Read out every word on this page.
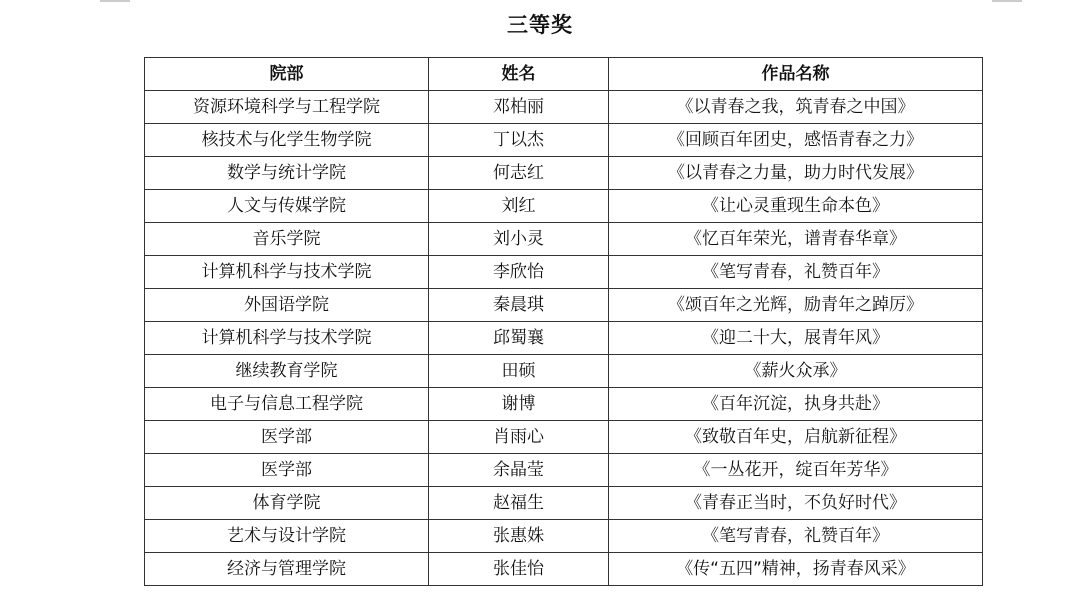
三等奖
院部	姓名	作品名称
资源环境科学与工程学院	邓柏丽	《以青春之我，筑青春之中国》
核技术与化学生物学院	丁以杰	《回顾百年团史，感悟青春之力》
数学与统计学院	何志红	《以青春之力量，助力时代发展》
人文与传媒学院	刘红	《让心灵重现生命本色》
音乐学院	刘小灵	《忆百年荣光，谱青春华章》
计算机科学与技术学院	李欣怡	《笔写青春，礼赞百年》
外国语学院	秦晨琪	《颂百年之光辉，励青年之踔厉》
计算机科学与技术学院	邱蜀襄	《迎二十大，展青年风》
继续教育学院	田硕	《薪火众承》
电子与信息工程学院	谢博	《百年沉淀，执身共赴》
医学部	肖雨心	《致敬百年史，启航新征程》
医学部	余晶莹	《一丛花开，绽百年芳华》
体育学院	赵福生	《青春正当时，不负好时代》
艺术与设计学院	张惠姝	《笔写青春，礼赞百年》
经济与管理学院	张佳怡	《传“五四”精神，扬青春风采》
